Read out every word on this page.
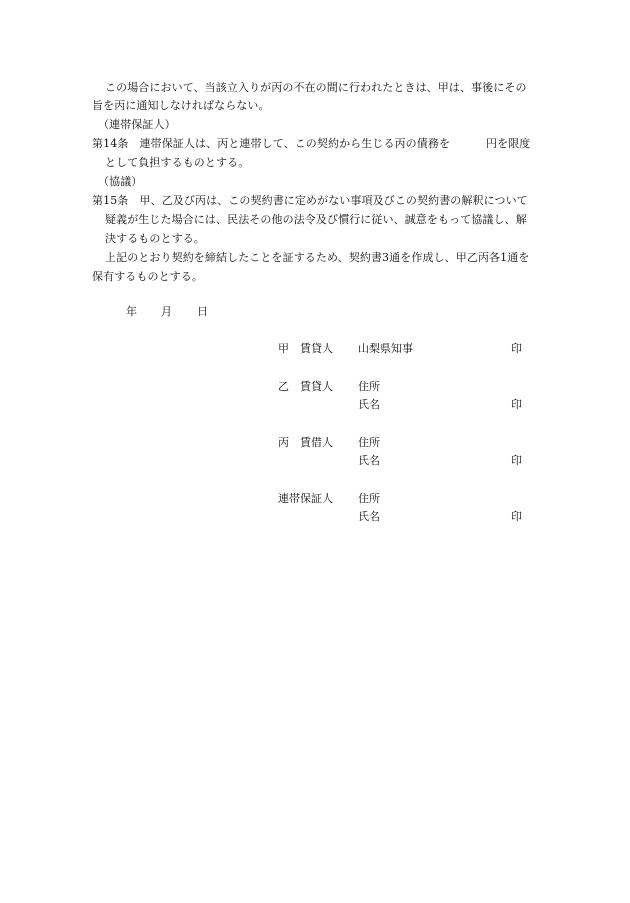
この場合において、当該立入りが丙の不在の間に行われたときは、甲は、事後にその
旨を丙に通知しなければならない。
（連帯保証人）
第14条　連帯保証人は、丙と連帯して、この契約から生じる丙の債務を	円を限度
として負担するものとする。
（協議）
第15条　甲、乙及び丙は、この契約書に定めがない事項及びこの契約書の解釈について
疑義が生じた場合には、民法その他の法令及び慣行に従い、誠意をもって協議し、解
決するものとする。
上記のとおり契約を締結したことを証するため、契約書3通を作成し、甲乙丙各1通を
保有するものとする。
年 月 日
甲　賃貸人 山梨県知事	印
乙　賃貸人 住所
氏名	印
丙　賃借人 住所
氏名	印
連帯保証人 住所
氏名	印
